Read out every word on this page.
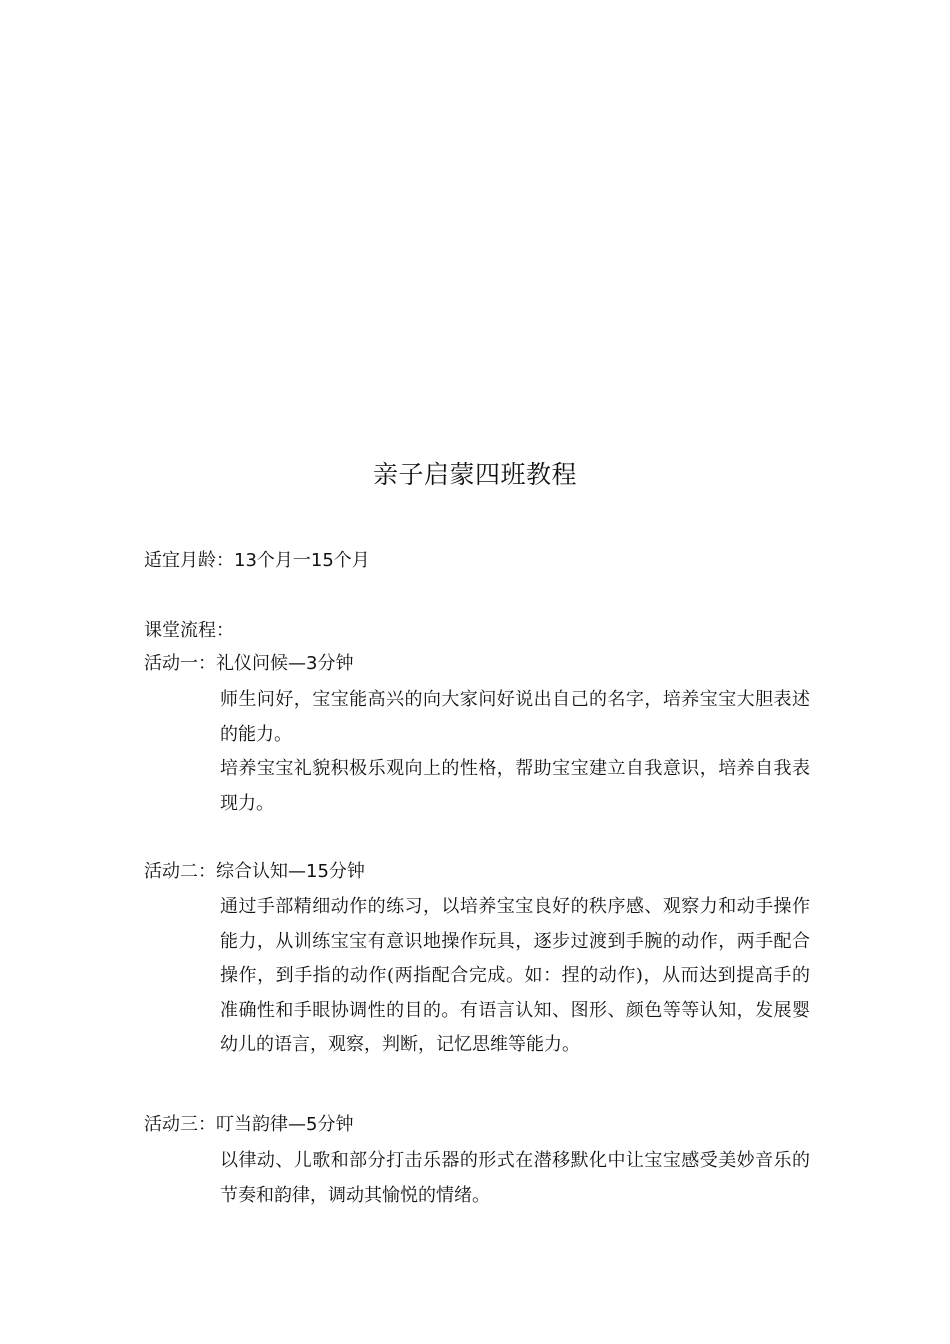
亲子启蒙四班教程
适宜月龄：13个月一15个月
课堂流程：
活动一：礼仪问候—3分钟

师生问好，宝宝能高兴的向大家问好说出自己的名字，培养宝宝大胆表述的能力。

培养宝宝礼貌积极乐观向上的性格，帮助宝宝建立自我意识，培养自我表现力。

活动二：综合认知—15分钟

通过手部精细动作的练习，以培养宝宝良好的秩序感、观察力和动手操作能力，从训练宝宝有意识地操作玩具，逐步过渡到手腕的动作，两手配合操作，到手指的动作(两指配合完成。如：捏的动作)，从而达到提高手的准确性和手眼协调性的目的。有语言认知、图形、颜色等等认知，发展婴幼儿的语言，观察，判断，记忆思维等能力。

活动三：叮当韵律—5分钟

以律动、儿歌和部分打击乐器的形式在潜移默化中让宝宝感受美妙音乐的节奏和韵律，调动其愉悦的情绪。
